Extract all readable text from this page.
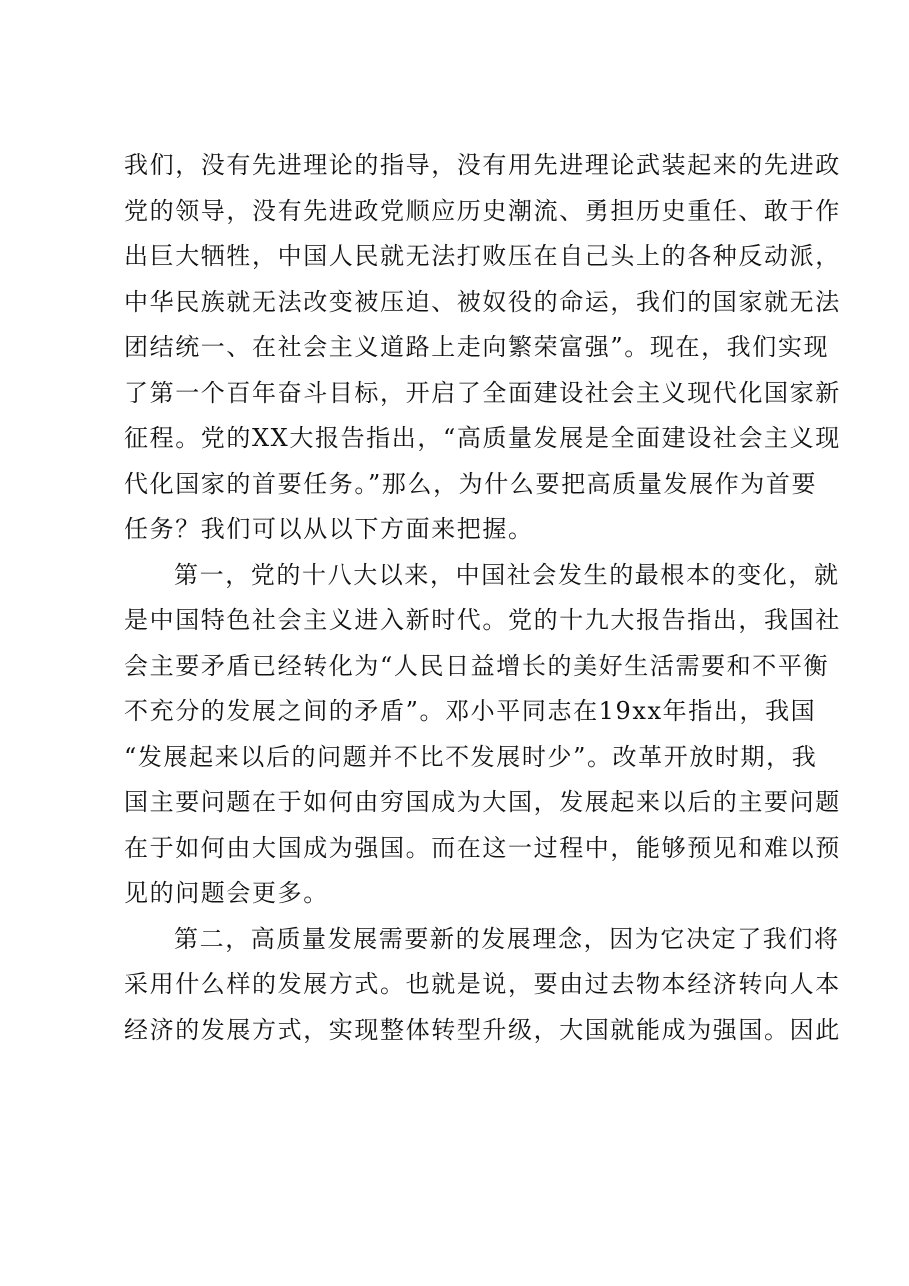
我们，没有先进理论的指导，没有用先进理论武装起来的先进政
党的领导，没有先进政党顺应历史潮流、勇担历史重任、敢于作
出巨大牺牲，中国人民就无法打败压在自己头上的各种反动派，
中华民族就无法改变被压迫、被奴役的命运，我们的国家就无法
团结统一、在社会主义道路上走向繁荣富强”。现在，我们实现
了第一个百年奋斗目标，开启了全面建设社会主义现代化国家新
征程。党的XX大报告指出，“高质量发展是全面建设社会主义现
代化国家的首要任务。”那么，为什么要把高质量发展作为首要
任务？我们可以从以下方面来把握。
第一，党的十八大以来，中国社会发生的最根本的变化，就
是中国特色社会主义进入新时代。党的十九大报告指出，我国社
会主要矛盾已经转化为“人民日益增长的美好生活需要和不平衡
不充分的发展之间的矛盾”。邓小平同志在19xx年指出，我国
“发展起来以后的问题并不比不发展时少”。改革开放时期，我
国主要问题在于如何由穷国成为大国，发展起来以后的主要问题
在于如何由大国成为强国。而在这一过程中，能够预见和难以预
见的问题会更多。
第二，高质量发展需要新的发展理念，因为它决定了我们将
采用什么样的发展方式。也就是说，要由过去物本经济转向人本
经济的发展方式，实现整体转型升级，大国就能成为强国。因此
